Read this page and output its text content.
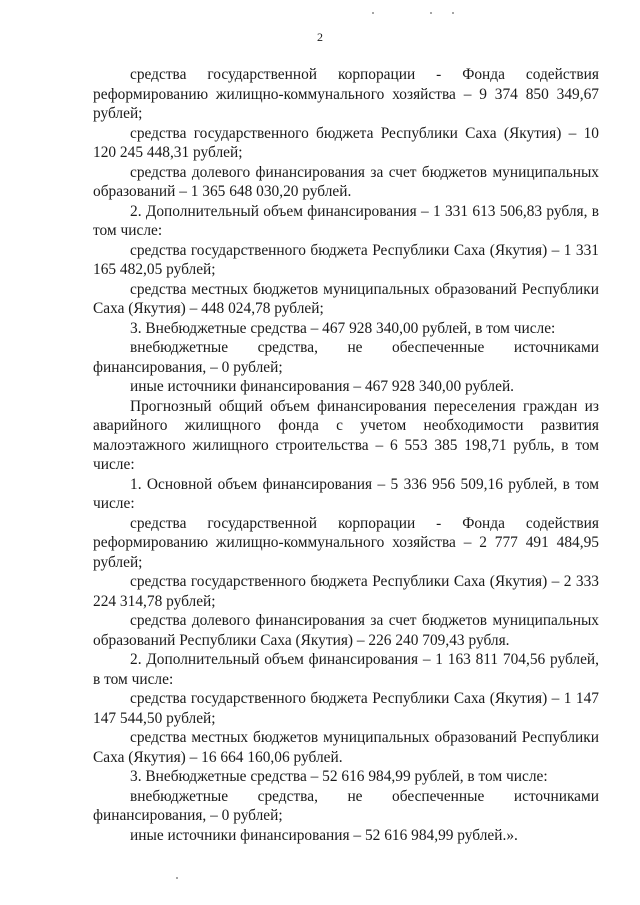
2

средства государственной корпорации - Фонда содействия реформированию жилищно-коммунального хозяйства – 9 374 850 349,67 рублей;

средства государственного бюджета Республики Саха (Якутия) – 10 120 245 448,31 рублей;

средства долевого финансирования за счет бюджетов муниципальных образований – 1 365 648 030,20 рублей.

2. Дополнительный объем финансирования – 1 331 613 506,83 рубля, в том числе:

средства государственного бюджета Республики Саха (Якутия) – 1 331 165 482,05 рублей;

средства местных бюджетов муниципальных образований Республики Саха (Якутия) – 448 024,78 рублей;

3. Внебюджетные средства – 467 928 340,00 рублей, в том числе:

внебюджетные средства, не обеспеченные источниками финансирования, – 0 рублей;

иные источники финансирования – 467 928 340,00 рублей.

Прогнозный общий объем финансирования переселения граждан из аварийного жилищного фонда с учетом необходимости развития малоэтажного жилищного строительства – 6 553 385 198,71 рубль, в том числе:

1. Основной объем финансирования – 5 336 956 509,16 рублей, в том числе:

средства государственной корпорации - Фонда содействия реформированию жилищно-коммунального хозяйства – 2 777 491 484,95 рублей;

средства государственного бюджета Республики Саха (Якутия) – 2 333 224 314,78 рублей;

средства долевого финансирования за счет бюджетов муниципальных образований Республики Саха (Якутия) – 226 240 709,43 рубля.

2. Дополнительный объем финансирования – 1 163 811 704,56 рублей, в том числе:

средства государственного бюджета Республики Саха (Якутия) – 1 147 147 544,50 рублей;

средства местных бюджетов муниципальных образований Республики Саха (Якутия) – 16 664 160,06 рублей.

3. Внебюджетные средства – 52 616 984,99 рублей, в том числе:

внебюджетные средства, не обеспеченные источниками финансирования, – 0 рублей;

иные источники финансирования – 52 616 984,99 рублей.».
